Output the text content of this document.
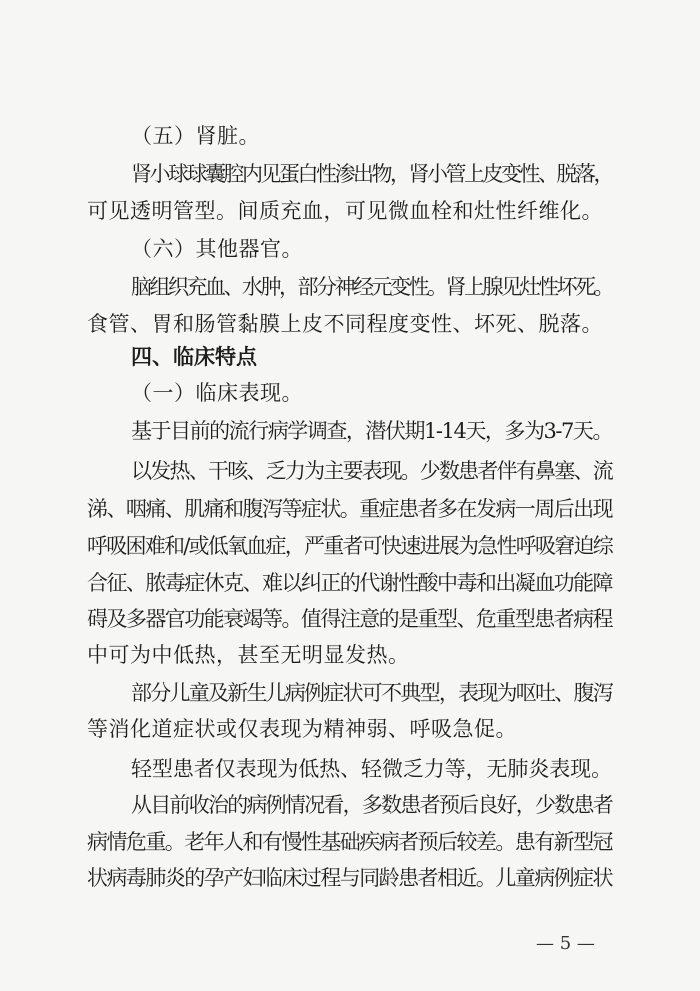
（五）肾脏。
肾小球球囊腔内见蛋白性渗出物，肾小管上皮变性、脱落，
可见透明管型。间质充血，可见微血栓和灶性纤维化。
（六）其他器官。
脑组织充血、水肿，部分神经元变性。肾上腺见灶性坏死。
食管、胃和肠管黏膜上皮不同程度变性、坏死、脱落。
四、临床特点
（一）临床表现。
基于目前的流行病学调查，潜伏期1-14天，多为3-7天。
以发热、干咳、乏力为主要表现。少数患者伴有鼻塞、流
涕、咽痛、肌痛和腹泻等症状。重症患者多在发病一周后出现
呼吸困难和/或低氧血症，严重者可快速进展为急性呼吸窘迫综
合征、脓毒症休克、难以纠正的代谢性酸中毒和出凝血功能障
碍及多器官功能衰竭等。值得注意的是重型、危重型患者病程
中可为中低热，甚至无明显发热。
部分儿童及新生儿病例症状可不典型，表现为呕吐、腹泻
等消化道症状或仅表现为精神弱、呼吸急促。
轻型患者仅表现为低热、轻微乏力等，无肺炎表现。
从目前收治的病例情况看，多数患者预后良好，少数患者
病情危重。老年人和有慢性基础疾病者预后较差。患有新型冠
状病毒肺炎的孕产妇临床过程与同龄患者相近。儿童病例症状
— 5 —
